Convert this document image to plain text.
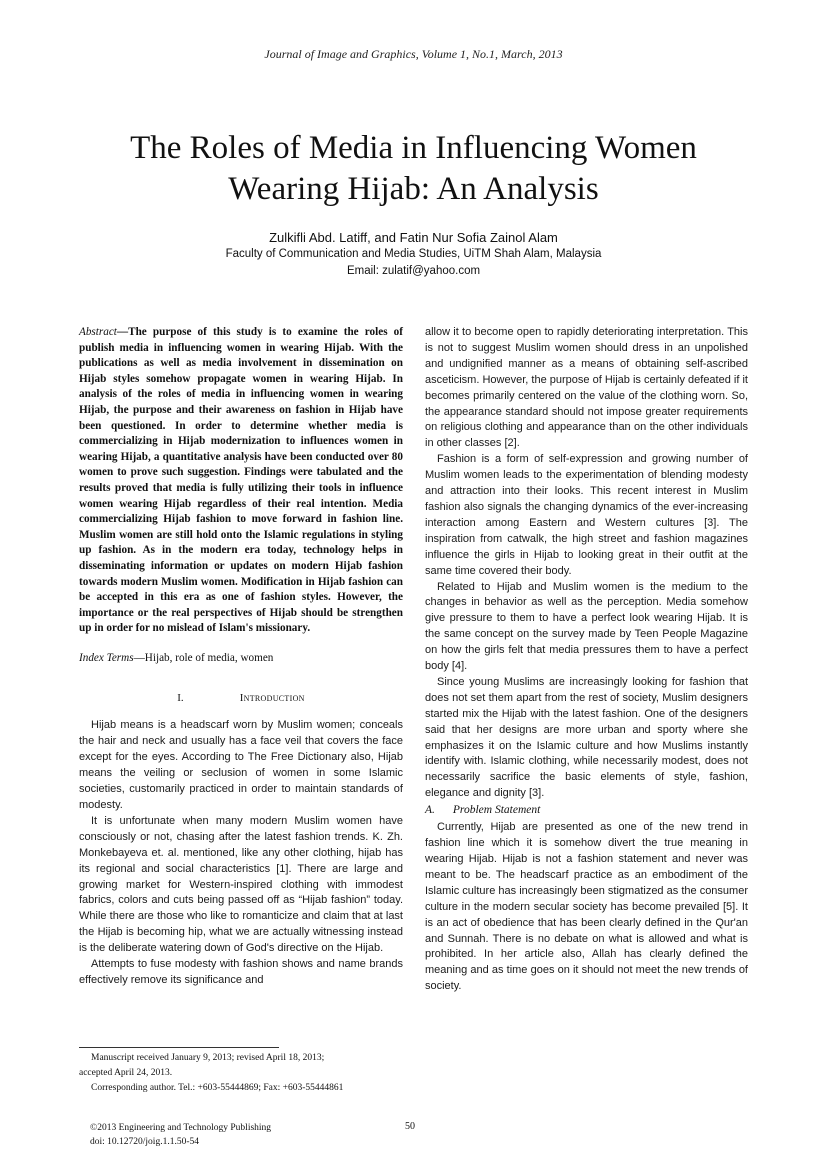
Journal of Image and Graphics, Volume 1, No.1, March, 2013
The Roles of Media in Influencing Women
Wearing Hijab: An Analysis
Zulkifli Abd. Latiff, and Fatin Nur Sofia Zainol Alam
Faculty of Communication and Media Studies, UiTM Shah Alam, Malaysia
Email: zulatif@yahoo.com

Abstract—The purpose of this study is to examine the roles of publish media in influencing women in wearing Hijab. With the publications as well as media involvement in dissemination on Hijab styles somehow propagate women in wearing Hijab. In analysis of the roles of media in influencing women in wearing Hijab, the purpose and their awareness on fashion in Hijab have been questioned. In order to determine whether media is commercializing in Hijab modernization to influences women in wearing Hijab, a quantitative analysis have been conducted over 80 women to prove such suggestion. Findings were tabulated and the results proved that media is fully utilizing their tools in influence women wearing Hijab regardless of their real intention. Media commercializing Hijab fashion to move forward in fashion line. Muslim women are still hold onto the Islamic regulations in styling up fashion. As in the modern era today, technology helps in disseminating information or updates on modern Hijab fashion towards modern Muslim women. Modification in Hijab fashion can be accepted in this era as one of fashion styles. However, the importance or the real perspectives of Hijab should be strengthen up in order for no mislead of Islam's missionary.

Index Terms—Hijab, role of media, women

I.	Introduction

Hijab means is a headscarf worn by Muslim women; conceals the hair and neck and usually has a face veil that covers the face except for the eyes. According to The Free Dictionary also, Hijab means the veiling or seclusion of women in some Islamic societies, customarily practiced in order to maintain standards of modesty.

It is unfortunate when many modern Muslim women have consciously or not, chasing after the latest fashion trends. K. Zh. Monkebayeva et. al. mentioned, like any other clothing, hijab has its regional and social characteristics [1]. There are large and growing market for Western-inspired clothing with immodest fabrics, colors and cuts being passed off as “Hijab fashion” today. While there are those who like to romanticize and claim that at last the Hijab is becoming hip, what we are actually witnessing instead is the deliberate watering down of God's directive on the Hijab.

Attempts to fuse modesty with fashion shows and name brands effectively remove its significance and

allow it to become open to rapidly deteriorating interpretation. This is not to suggest Muslim women should dress in an unpolished and undignified manner as a means of obtaining self-ascribed asceticism. However, the purpose of Hijab is certainly defeated if it becomes primarily centered on the value of the clothing worn. So, the appearance standard should not impose greater requirements on religious clothing and appearance than on the other individuals in other classes [2].

Fashion is a form of self-expression and growing number of Muslim women leads to the experimentation of blending modesty and attraction into their looks. This recent interest in Muslim fashion also signals the changing dynamics of the ever-increasing interaction among Eastern and Western cultures [3]. The inspiration from catwalk, the high street and fashion magazines influence the girls in Hijab to looking great in their outfit at the same time covered their body.

Related to Hijab and Muslim women is the medium to the changes in behavior as well as the perception. Media somehow give pressure to them to have a perfect look wearing Hijab. It is the same concept on the survey made by Teen People Magazine on how the girls felt that media pressures them to have a perfect body [4].

Since young Muslims are increasingly looking for fashion that does not set them apart from the rest of society, Muslim designers started mix the Hijab with the latest fashion. One of the designers said that her designs are more urban and sporty where she emphasizes it on the Islamic culture and how Muslims instantly identify with. Islamic clothing, while necessarily modest, does not necessarily sacrifice the basic elements of style, fashion, elegance and dignity [3].

A. Problem Statement

Currently, Hijab are presented as one of the new trend in fashion line which it is somehow divert the true meaning in wearing Hijab. Hijab is not a fashion statement and never was meant to be. The headscarf practice as an embodiment of the Islamic culture has increasingly been stigmatized as the consumer culture in the modern secular society has become prevailed [5]. It is an act of obedience that has been clearly defined in the Qur'an and Sunnah. There is no debate on what is allowed and what is prohibited. In her article also, Allah has clearly defined the meaning and as time goes on it should not meet the new trends of society.

Manuscript received January 9, 2013; revised April 18, 2013;
accepted April 24, 2013.
Corresponding author. Tel.: +603-55444869; Fax: +603-55444861
©2013 Engineering and Technology Publishing
doi: 10.12720/joig.1.1.50-54
50
